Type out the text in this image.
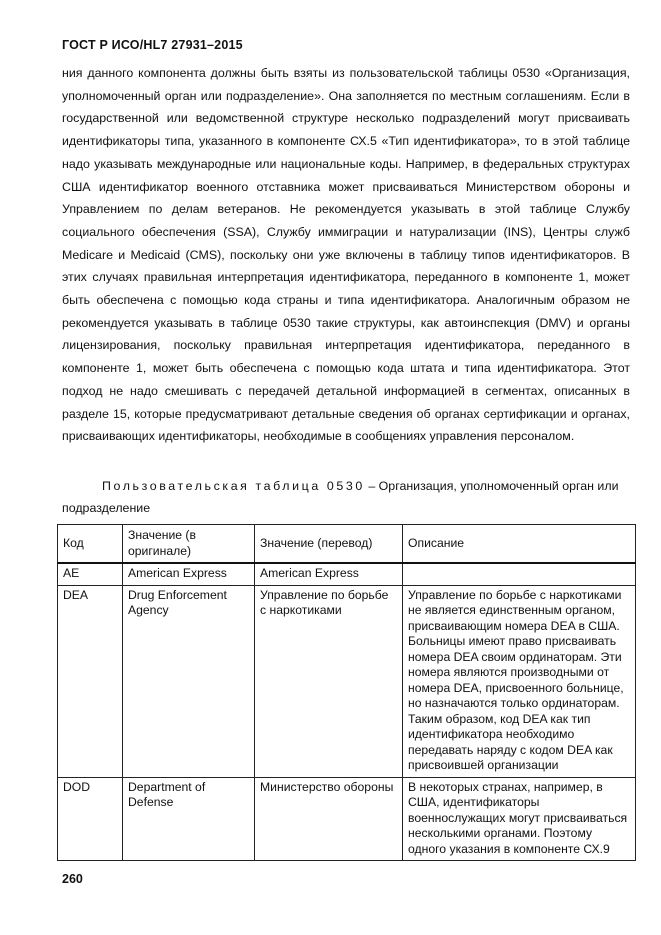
ГОСТ Р ИСО/HL7 27931–2015
ния данного компонента должны быть взяты из пользовательской таблицы 0530 «Организация, уполномоченный орган или подразделение». Она заполняется по местным соглашениям. Если в государственной или ведомственной структуре несколько подразделений могут присваивать идентификаторы типа, указанного в компоненте СХ.5 «Тип идентификатора», то в этой таблице надо указывать международные или национальные коды. Например, в федеральных структурах США идентификатор военного отставника может присваиваться Министерством обороны и Управлением по делам ветеранов. Не рекомендуется указывать в этой таблице Службу социального обеспечения (SSA), Службу иммиграции и натурализации (INS), Центры служб Medicare и Medicaid (CMS), поскольку они уже включены в таблицу типов идентификаторов. В этих случаях правильная интерпретация идентификатора, переданного в компоненте 1, может быть обеспечена с помощью кода страны и типа идентификатора. Аналогичным образом не рекомендуется указывать в таблице 0530 такие структуры, как автоинспекция (DMV) и органы лицензирования, поскольку правильная интерпретация идентификатора, переданного в компоненте 1, может быть обеспечена с помощью кода штата и типа идентификатора. Этот подход не надо смешивать с передачей детальной информацией в сегментах, описанных в разделе 15, которые предусматривают детальные сведения об органах сертификации и органах, присваивающих идентификаторы, необходимые в сообщениях управления персоналом.
Пользовательская таблица 0530 – Организация, уполномоченный орган или подразделение
Код	Значение (в оригинале)	Значение (перевод)	Описание
AE	American Express	American Express	
DEA	Drug Enforcement Agency	Управление по борьбе с наркотиками	Управление по борьбе с наркотиками не является единственным органом, присваивающим номера DEA в США. Больницы имеют право присваивать номера DEA своим ординаторам. Эти номера являются производными от номера DEA, присвоенного больнице, но назначаются только ординаторам. Таким образом, код DEA как тип идентификатора необходимо передавать наряду с кодом DEA как присвоившей организации
DOD	Department of Defense	Министерство обороны	В некоторых странах, например, в США, идентификаторы военнослужащих могут присваиваться несколькими органами. Поэтому одного указания в компоненте СХ.9
260
